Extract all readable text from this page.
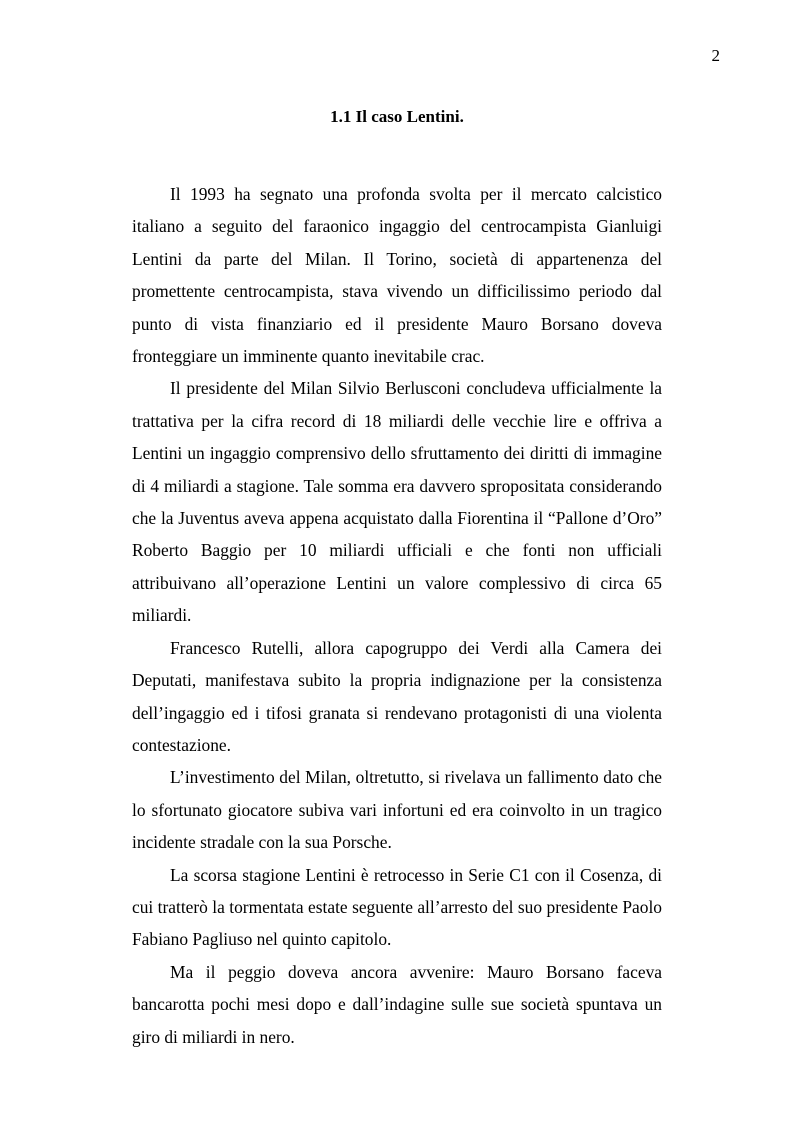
2
1.1 Il caso Lentini.

Il 1993 ha segnato una profonda svolta per il mercato calcistico italiano a seguito del faraonico ingaggio del centrocampista Gianluigi Lentini da parte del Milan. Il Torino, società di appartenenza del promettente centrocampista, stava vivendo un difficilissimo periodo dal punto di vista finanziario ed il presidente Mauro Borsano doveva fronteggiare un imminente quanto inevitabile crac.

Il presidente del Milan Silvio Berlusconi concludeva ufficialmente la trattativa per la cifra record di 18 miliardi delle vecchie lire e offriva a Lentini un ingaggio comprensivo dello sfruttamento dei diritti di immagine di 4 miliardi a stagione. Tale somma era davvero spropositata considerando che la Juventus aveva appena acquistato dalla Fiorentina il “Pallone d’Oro” Roberto Baggio per 10 miliardi ufficiali e che fonti non ufficiali attribuivano all’operazione Lentini un valore complessivo di circa 65 miliardi.

Francesco Rutelli, allora capogruppo dei Verdi alla Camera dei Deputati, manifestava subito la propria indignazione per la consistenza dell’ingaggio ed i tifosi granata si rendevano protagonisti di una violenta contestazione.

L’investimento del Milan, oltretutto, si rivelava un fallimento dato che lo sfortunato giocatore subiva vari infortuni ed era coinvolto in un tragico incidente stradale con la sua Porsche.

La scorsa stagione Lentini è retrocesso in Serie C1 con il Cosenza, di cui tratterò la tormentata estate seguente all’arresto del suo presidente Paolo Fabiano Pagliuso nel quinto capitolo.

Ma il peggio doveva ancora avvenire: Mauro Borsano faceva bancarotta pochi mesi dopo e dall’indagine sulle sue società spuntava un giro di miliardi in nero.
